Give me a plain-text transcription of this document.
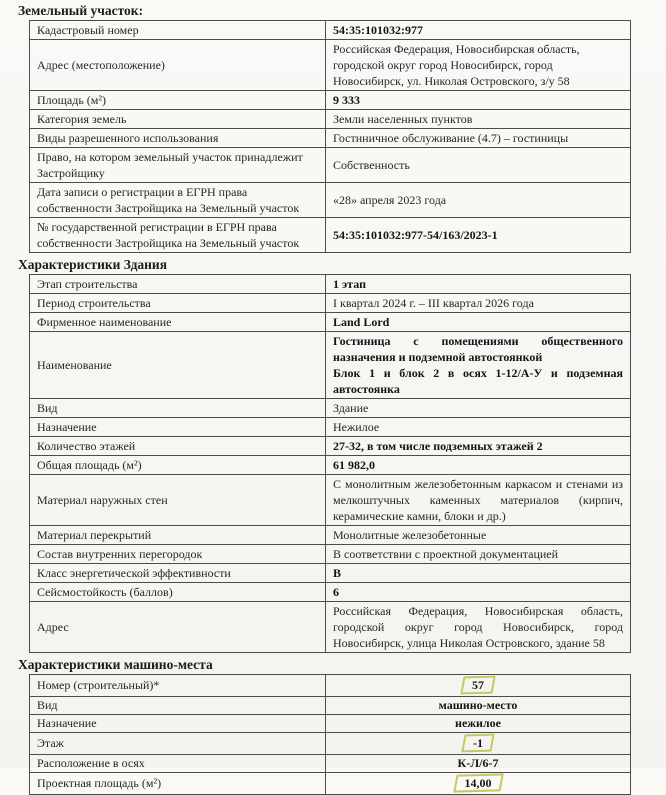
Земельный участок:
Кадастровый номер	54:35:101032:977
Адрес (местоположение)	Российская Федерация, Новосибирская область, городской округ город Новосибирск, город Новосибирск, ул. Николая Островского, з/у 58
Площадь (м²)	9 333
Категория земель	Земли населенных пунктов
Виды разрешенного использования	Гостиничное обслуживание (4.7) – гостиницы
Право, на котором земельный участок принадлежит Застройщику	Собственность
Дата записи о регистрации в ЕГРН права собственности Застройщика на Земельный участок	«28» апреля 2023 года
№ государственной регистрации в ЕГРН права собственности Застройщика на Земельный участок	54:35:101032:977-54/163/2023-1
Характеристики Здания
Этап строительства	1 этап
Период строительства	I квартал 2024 г. – III квартал 2026 года
Фирменное наименование	Land Lord
Наименование	Гостиница с помещениями общественного назначения и подземной автостоянкой
Блок 1 и блок 2 в осях 1-12/А-У и подземная автостоянка

Вид	Здание
Назначение	Нежилое
Количество этажей	27-32, в том числе подземных этажей 2
Общая площадь (м²)	61 982,0
Материал наружных стен	С монолитным железобетонным каркасом и стенами из мелкоштучных каменных материалов (кирпич, керамические камни, блоки и др.)
Материал перекрытий	Монолитные железобетонные
Состав внутренних перегородок	В соответствии с проектной документацией
Класс энергетической эффективности	В
Сейсмостойкость (баллов)	6
Адрес	Российская Федерация, Новосибирская область, городской округ город Новосибирск, город Новосибирск, улица Николая Островского, здание 58
Характеристики машино-места
Номер (строительный)*	57
Вид	машино-место
Назначение	нежилое
Этаж	-1
Расположение в осях	К-Л/6-7
Проектная площадь (м²)	14,00
